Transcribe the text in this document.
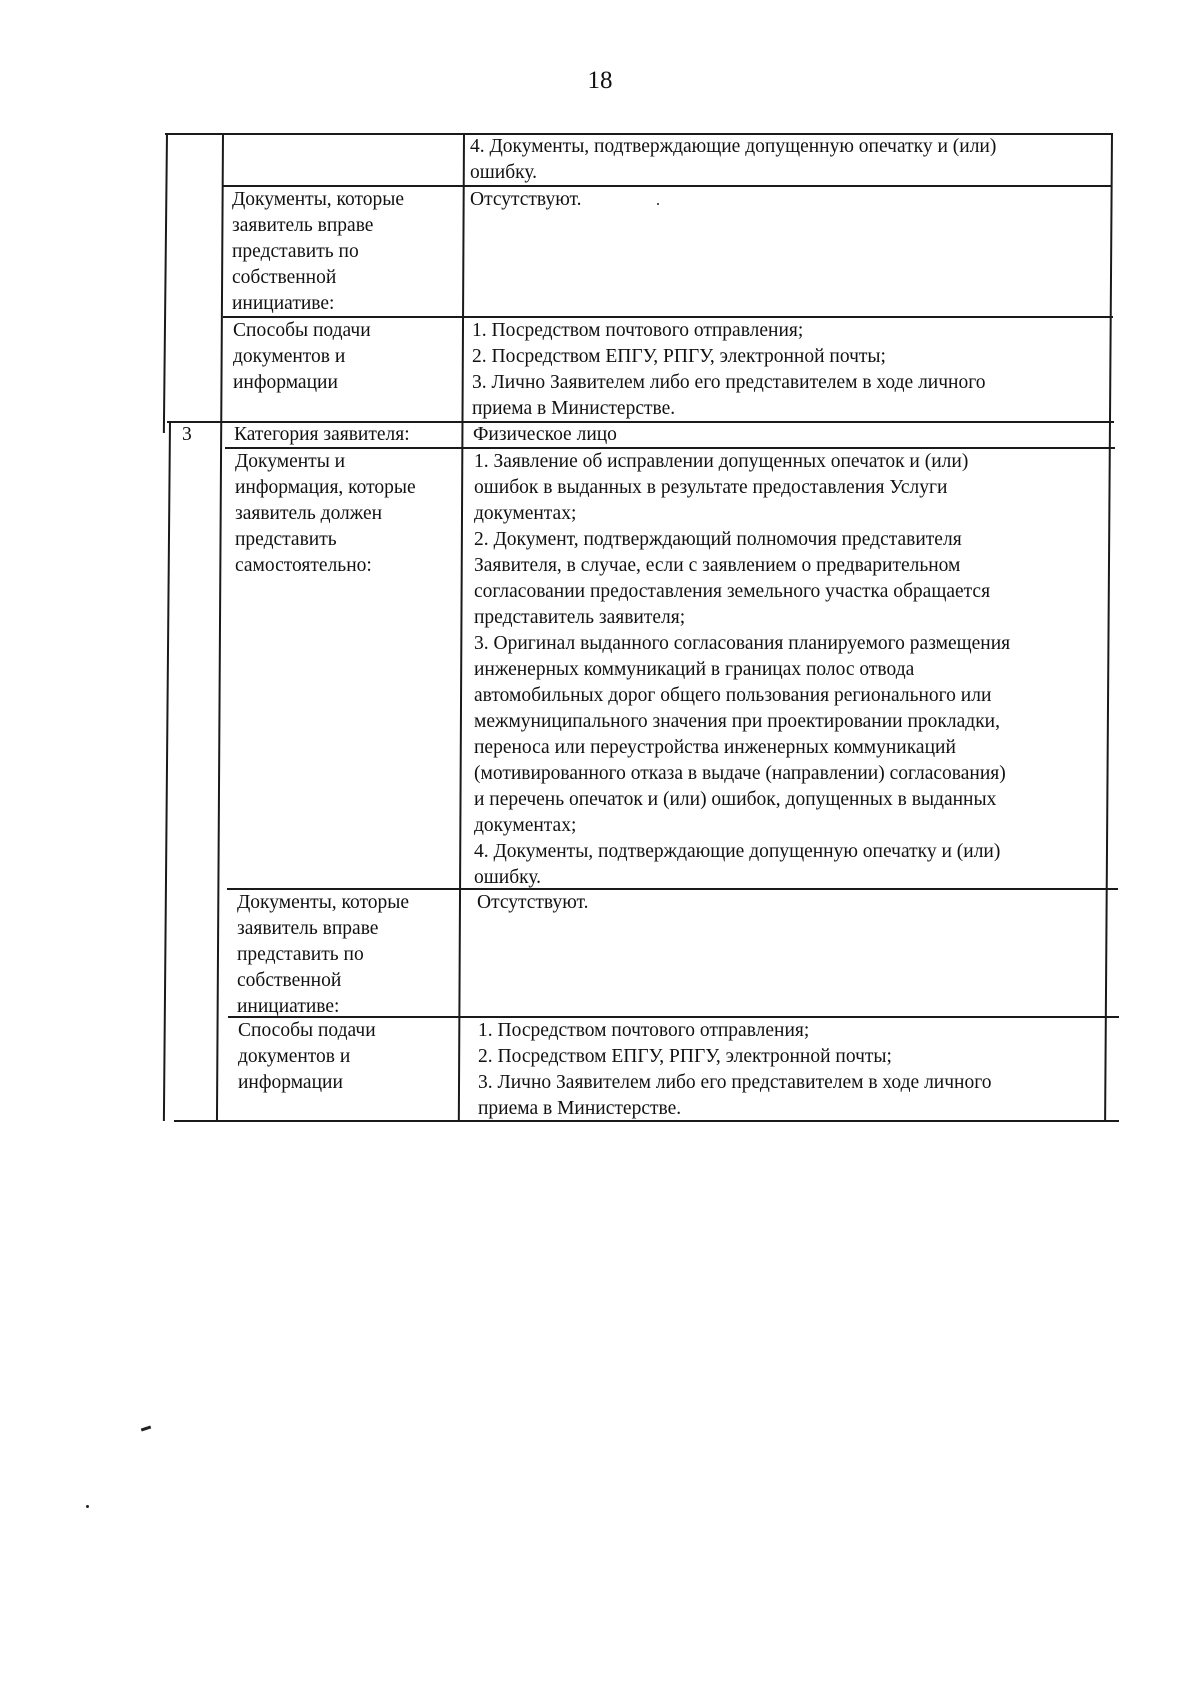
18
4. Документы, подтверждающие допущенную опечатку и (или)
ошибку.
Документы, которые
заявитель вправе
представить по
собственной
инициативе:
Отсутствуют.
Способы подачи
документов и
информации
1. Посредством почтового отправления;
2. Посредством ЕПГУ, РПГУ, электронной почты;
3. Лично Заявителем либо его представителем в ходе личного
приема в Министерстве.
3 Категория заявителя:	Физическое лицо
Документы и
информация, которые
заявитель должен
представить
самостоятельно:
1. Заявление об исправлении допущенных опечаток и (или)
ошибок в выданных в результате предоставления Услуги
документах;
2. Документ, подтверждающий полномочия представителя
Заявителя, в случае, если с заявлением о предварительном
согласовании предоставления земельного участка обращается
представитель заявителя;
3. Оригинал выданного согласования планируемого размещения
инженерных коммуникаций в границах полос отвода
автомобильных дорог общего пользования регионального или
межмуниципального значения при проектировании прокладки,
переноса или переустройства инженерных коммуникаций
(мотивированного отказа в выдаче (направлении) согласования)
и перечень опечаток и (или) ошибок, допущенных в выданных
документах;
4. Документы, подтверждающие допущенную опечатку и (или)
ошибку.
Документы, которые
заявитель вправе
представить по
собственной
инициативе:
Отсутствуют.
Способы подачи
документов и
информации
1. Посредством почтового отправления;
2. Посредством ЕПГУ, РПГУ, электронной почты;
3. Лично Заявителем либо его представителем в ходе личного
приема в Министерстве.
